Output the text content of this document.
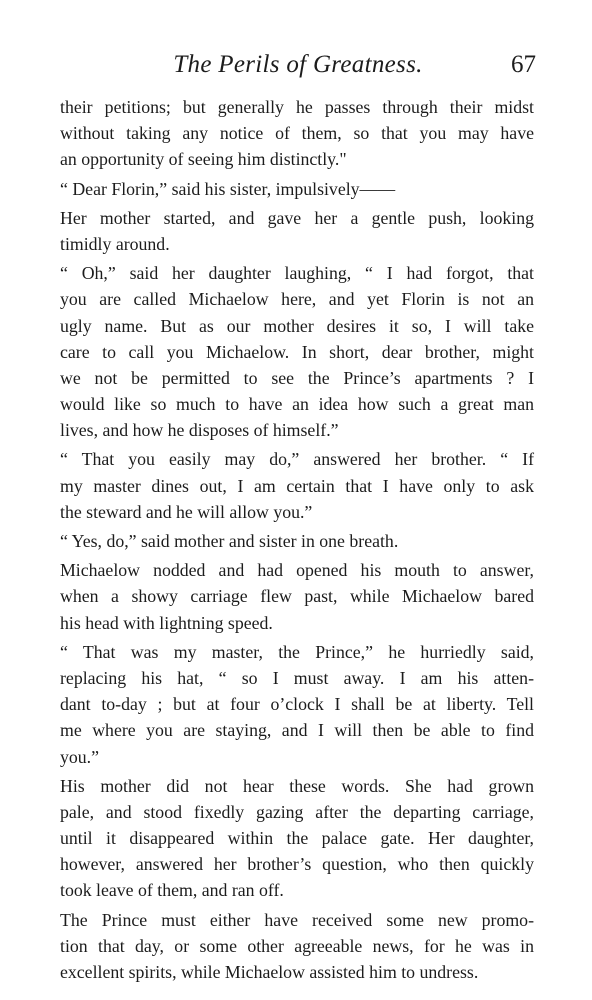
The Perils of Greatness.	67
their petitions; but generally he passes through their midst
without taking any notice of them, so that you may have
an opportunity of seeing him distinctly."
“ Dear Florin,” said his sister, impulsively——
Her mother started, and gave her a gentle push, looking
timidly around.
“ Oh,” said her daughter laughing, “ I had forgot, that
you are called Michaelow here, and yet Florin is not an
ugly name. But as our mother desires it so, I will take
care to call you Michaelow. In short, dear brother, might
we not be permitted to see the Prince’s apartments ? I
would like so much to have an idea how such a great man
lives, and how he disposes of himself.”
“ That you easily may do,” answered her brother. “ If
my master dines out, I am certain that I have only to ask
the steward and he will allow you.”
“ Yes, do,” said mother and sister in one breath.
Michaelow nodded and had opened his mouth to answer,
when a showy carriage flew past, while Michaelow bared
his head with lightning speed.
“ That was my master, the Prince,” he hurriedly said,
replacing his hat, “ so I must away. I am his atten-
dant to-day ; but at four o’clock I shall be at liberty. Tell
me where you are staying, and I will then be able to find
you.”
His mother did not hear these words. She had grown
pale, and stood fixedly gazing after the departing carriage,
until it disappeared within the palace gate. Her daughter,
however, answered her brother’s question, who then quickly
took leave of them, and ran off.
The Prince must either have received some new promo-
tion that day, or some other agreeable news, for he was in
excellent spirits, while Michaelow assisted him to undress.
